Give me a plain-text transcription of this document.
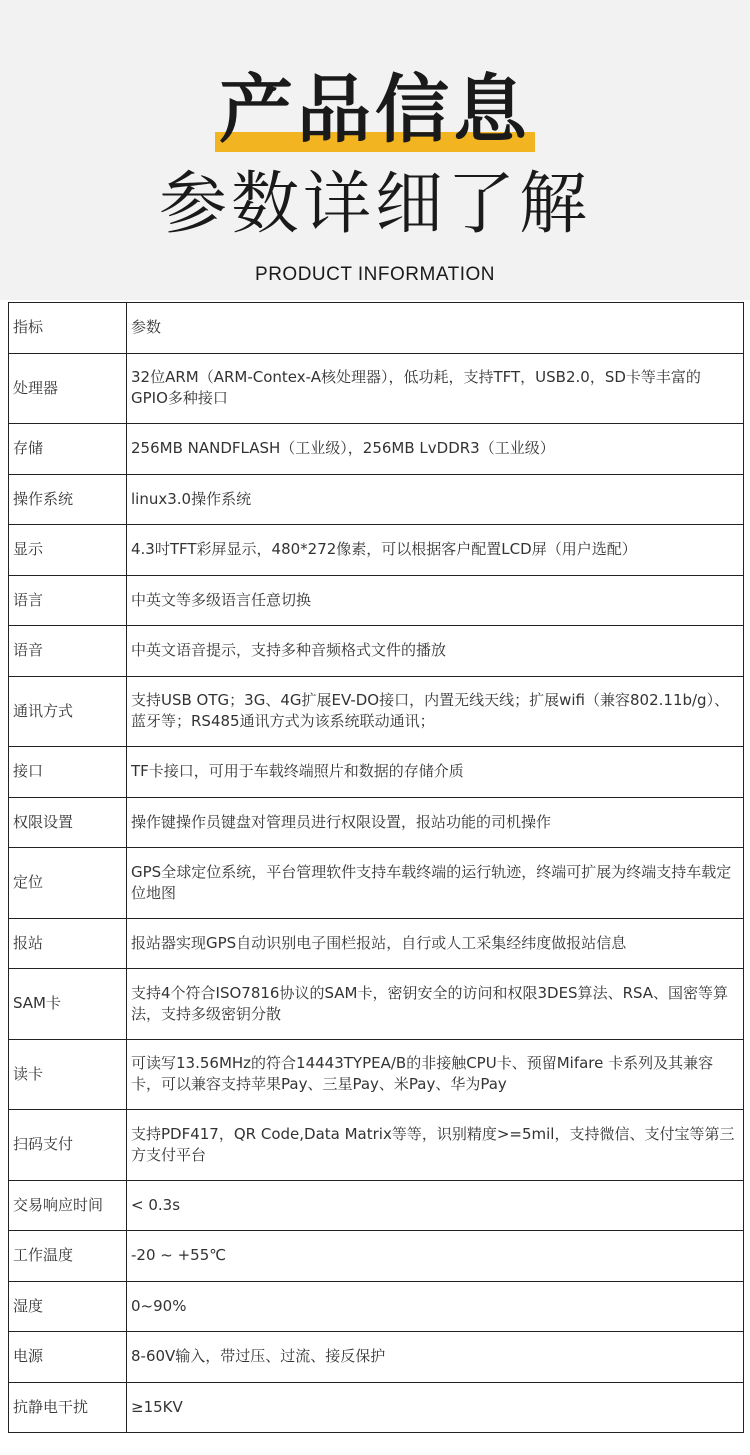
产品信息
参数详细了解
PRODUCT INFORMATION
指标	参数
处理器	32位ARM（ARM-Contex-A核处理器），低功耗，支持TFT，USB2.0，SD卡等丰富的 GPIO多种接口
存储	256MB NANDFLASH（工业级），256MB LvDDR3（工业级）
操作系统	linux3.0操作系统
显示	4.3吋TFT彩屏显示，480*272像素，可以根据客户配置LCD屏（用户选配）
语言	中英文等多级语言任意切换
语音	中英文语音提示，支持多种音频格式文件的播放
通讯方式	支持USB OTG；3G、4G扩展EV-DO接口，内置无线天线；扩展wifi（兼容802.11b/g）、蓝牙等；RS485通讯方式为该系统联动通讯；
接口	TF卡接口，可用于车载终端照片和数据的存储介质
权限设置	操作键操作员键盘对管理员进行权限设置，报站功能的司机操作
定位	GPS全球定位系统，平台管理软件支持车载终端的运行轨迹，终端可扩展为终端支持车载定位地图
报站	报站器实现GPS自动识别电子围栏报站，自行或人工采集经纬度做报站信息
SAM卡	支持4个符合ISO7816协议的SAM卡，密钥安全的访问和权限3DES算法、RSA、国密等算法，支持多级密钥分散
读卡	可读写13.56MHz的符合14443TYPEA/B的非接触CPU卡、预留Mifare 卡系列及其兼容卡，可以兼容支持苹果Pay、三星Pay、米Pay、华为Pay
扫码支付	支持PDF417，QR Code,Data Matrix等等，识别精度>=5mil，支持微信、支付宝等第三方支付平台
交易响应时间	< 0.3s
工作温度	-20 ~ +55℃
湿度	0~90%
电源	8-60V输入，带过压、过流、接反保护
抗静电干扰	≥15KV
